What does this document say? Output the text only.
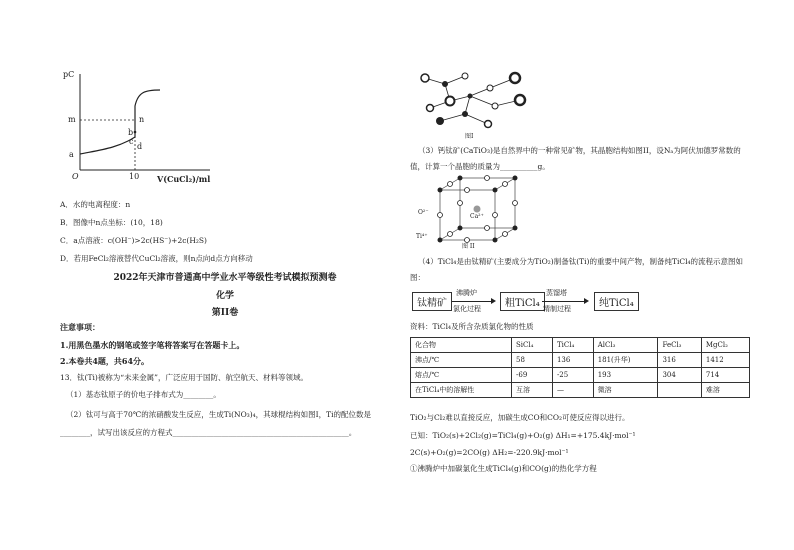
pC
m
a
b
n
c
d
O	10 V(CuCl₂)/ml
A．水的电离程度：n
B．图像中n点坐标：(10，18)
C．a点溶液：c(OH⁻)>2c(HS⁻)+2c(H₂S)
D．若用FeCl₂溶液替代CuCl₂溶液，则n点向d点方向移动
2022年天津市普通高中学业水平等级性考试模拟预测卷
化学
第II卷
注意事项：
1.用黑色墨水的钢笔或签字笔将答案写在答题卡上。
2.本卷共4题，共64分。
13．钛(Ti)被称为“未来金属”，广泛应用于国防、航空航天、材料等领域。
（1）基态钛原子的价电子排布式为________。
（2）钛可与高于70℃的浓硝酸发生反应，生成Ti(NO₃)₄，其球棍结构如图I，Ti的配位数是________，试写出该反应的方程式_______________________________________________。
图I
（3）钙钛矿(CaTiO₃)是自然界中的一种常见矿物，其晶胞结构如图II，设Nₐ为阿伏加德罗常数的值，计算一个晶胞的质量为__________g。
O²⁻
Ca²⁺
Ti⁴⁺
图 II
（4）TiCl₄是由钛精矿(主要成分为TiO₂)制备钛(Ti)的重要中间产物，制备纯TiCl₄的流程示意图如图：
钛精矿
沸腾炉
氯化过程	粗TiCl₄
蒸馏塔
精制过程	纯TiCl₄
资料：TiCl₄及所含杂质氯化物的性质
化合物	SiCl₄	TiCl₄	AlCl₃	FeCl₃	MgCl₂
沸点/℃	58	136	181(升华)	316	1412
熔点/℃	-69	-25	193	304	714
在TiCl₄中的溶解性	互溶	—	微溶		难溶
TiO₂与Cl₂难以直接反应，加碳生成CO和CO₂可使反应得以进行。
已知：TiO₂(s)+2Cl₂(g)=TiCl₄(g)+O₂(g) ΔH₁=+175.4kJ·mol⁻¹
2C(s)+O₂(g)=2CO(g) ΔH₂=-220.9kJ·mol⁻¹
①沸腾炉中加碳氯化生成TiCl₄(g)和CO(g)的热化学方程
